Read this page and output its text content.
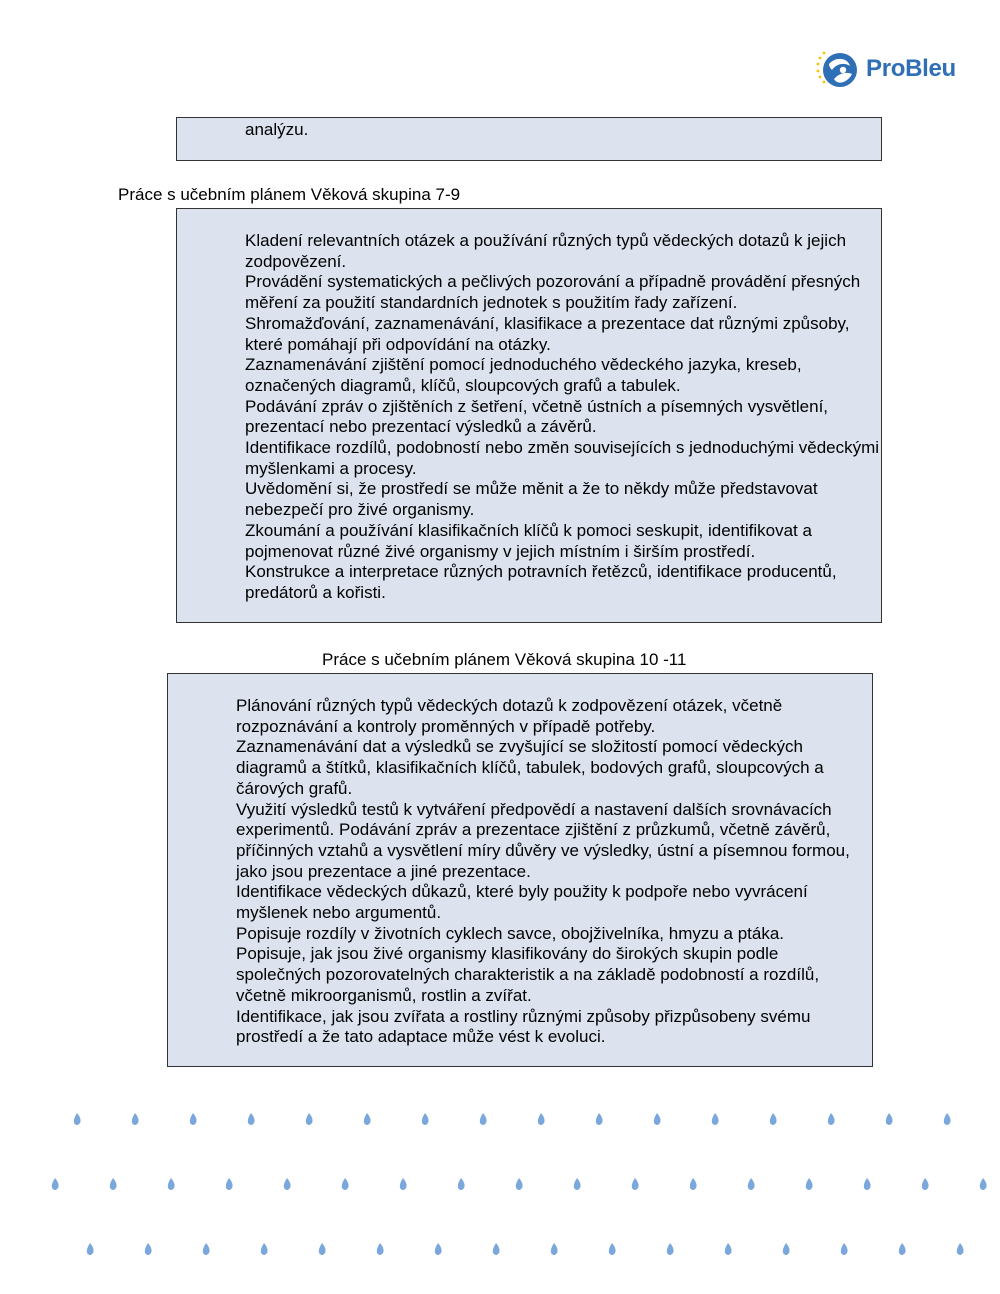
ProBleu

analýzu.

Práce s učebním plánem Věková skupina 7-9

Kladení relevantních otázek a používání různých typů vědeckých dotazů k jejich zodpovězení.

Provádění systematických a pečlivých pozorování a případně provádění přesných měření za použití standardních jednotek s použitím řady zařízení.

Shromažďování, zaznamenávání, klasifikace a prezentace dat různými způsoby, které pomáhají při odpovídání na otázky.

Zaznamenávání zjištění pomocí jednoduchého vědeckého jazyka, kreseb, označených diagramů, klíčů, sloupcových grafů a tabulek.

Podávání zpráv o zjištěních z šetření, včetně ústních a písemných vysvětlení, prezentací nebo prezentací výsledků a závěrů.

Identifikace rozdílů, podobností nebo změn souvisejících s jednoduchými vědeckými myšlenkami a procesy.

Uvědomění si, že prostředí se může měnit a že to někdy může představovat nebezpečí pro živé organismy.

Zkoumání a používání klasifikačních klíčů k pomoci seskupit, identifikovat a pojmenovat různé živé organismy v jejich místním i širším prostředí.

Konstrukce a interpretace různých potravních řetězců, identifikace producentů, predátorů a kořisti.

Práce s učebním plánem Věková skupina 10 -11

Plánování různých typů vědeckých dotazů k zodpovězení otázek, včetně rozpoznávání a kontroly proměnných v případě potřeby.

Zaznamenávání dat a výsledků se zvyšující se složitostí pomocí vědeckých diagramů a štítků, klasifikačních klíčů, tabulek, bodových grafů, sloupcových a čárových grafů.

Využití výsledků testů k vytváření předpovědí a nastavení dalších srovnávacích experimentů. Podávání zpráv a prezentace zjištění z průzkumů, včetně závěrů, příčinných vztahů a vysvětlení míry důvěry ve výsledky, ústní a písemnou formou, jako jsou prezentace a jiné prezentace.

Identifikace vědeckých důkazů, které byly použity k podpoře nebo vyvrácení myšlenek nebo argumentů.

Popisuje rozdíly v životních cyklech savce, obojživelníka, hmyzu a ptáka.

Popisuje, jak jsou živé organismy klasifikovány do širokých skupin podle společných pozorovatelných charakteristik a na základě podobností a rozdílů, včetně mikroorganismů, rostlin a zvířat.

Identifikace, jak jsou zvířata a rostliny různými způsoby přizpůsobeny svému prostředí a že tato adaptace může vést k evoluci.
